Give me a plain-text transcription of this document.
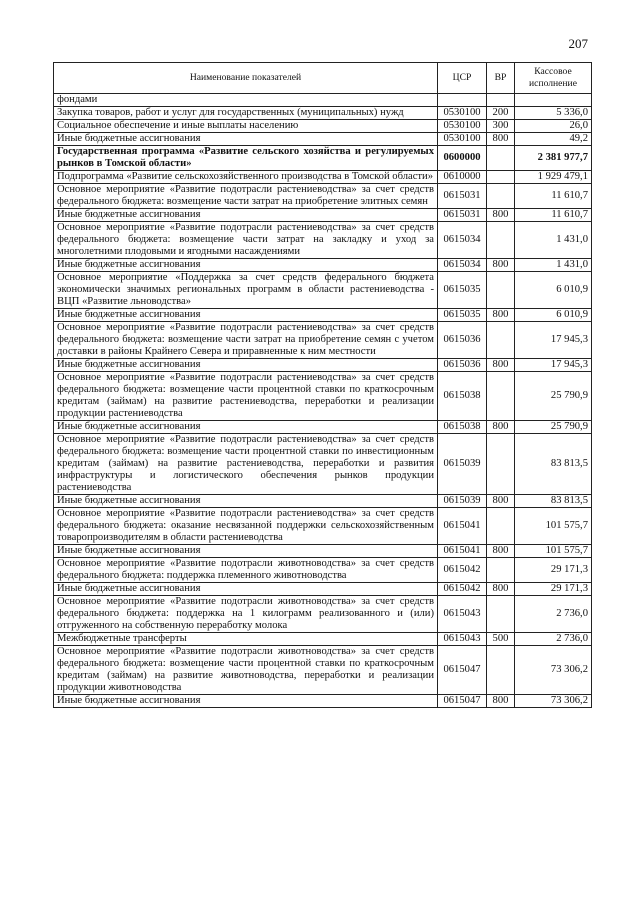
207
Наименование показателей	ЦСР	ВР	Кассовое исполнение
фондами			
Закупка товаров, работ и услуг для государственных (муниципальных) нужд	0530100	200	5 336,0
Социальное обеспечение и иные выплаты населению	0530100	300	26,0
Иные бюджетные ассигнования	0530100	800	49,2
Государственная программа «Развитие сельского хозяйства и регулируемых рынков в Томской области»	0600000		2 381 977,7
Подпрограмма «Развитие сельскохозяйственного производства в Томской области»	0610000		1 929 479,1
Основное мероприятие «Развитие подотрасли растениеводства» за счет средств федерального бюджета: возмещение части затрат на приобретение элитных семян	0615031		11 610,7
Иные бюджетные ассигнования	0615031	800	11 610,7
Основное мероприятие «Развитие подотрасли растениеводства» за счет средств федерального бюджета: возмещение части затрат на закладку и уход за многолетними плодовыми и ягодными насаждениями	0615034		1 431,0
Иные бюджетные ассигнования	0615034	800	1 431,0
Основное мероприятие «Поддержка за счет средств федерального бюджета экономически значимых региональных программ в области растениеводства - ВЦП «Развитие льноводства»	0615035		6 010,9
Иные бюджетные ассигнования	0615035	800	6 010,9
Основное мероприятие «Развитие подотрасли растениеводства» за счет средств федерального бюджета: возмещение части затрат на приобретение семян с учетом доставки в районы Крайнего Севера и приравненные к ним местности	0615036		17 945,3
Иные бюджетные ассигнования	0615036	800	17 945,3
Основное мероприятие «Развитие подотрасли растениеводства» за счет средств федерального бюджета: возмещение части процентной ставки по краткосрочным кредитам (займам) на развитие растениеводства, переработки и реализации продукции растениеводства	0615038		25 790,9
Иные бюджетные ассигнования	0615038	800	25 790,9
Основное мероприятие «Развитие подотрасли растениеводства» за счет средств федерального бюджета: возмещение части процентной ставки по инвестиционным кредитам (займам) на развитие растениеводства, переработки и развития инфраструктуры и логистического обеспечения рынков продукции растениеводства	0615039		83 813,5
Иные бюджетные ассигнования	0615039	800	83 813,5
Основное мероприятие «Развитие подотрасли растениеводства» за счет средств федерального бюджета: оказание несвязанной поддержки сельскохозяйственным товаропроизводителям в области растениеводства	0615041		101 575,7
Иные бюджетные ассигнования	0615041	800	101 575,7
Основное мероприятие «Развитие подотрасли животноводства» за счет средств федерального бюджета: поддержка племенного животноводства	0615042		29 171,3
Иные бюджетные ассигнования	0615042	800	29 171,3
Основное мероприятие «Развитие подотрасли животноводства» за счет средств федерального бюджета: поддержка на 1 килограмм реализованного и (или) отгруженного на собственную переработку молока	0615043		2 736,0
Межбюджетные трансферты	0615043	500	2 736,0
Основное мероприятие «Развитие подотрасли животноводства» за счет средств федерального бюджета: возмещение части процентной ставки по краткосрочным кредитам (займам) на развитие животноводства, переработки и реализации продукции животноводства	0615047		73 306,2
Иные бюджетные ассигнования	0615047	800	73 306,2
